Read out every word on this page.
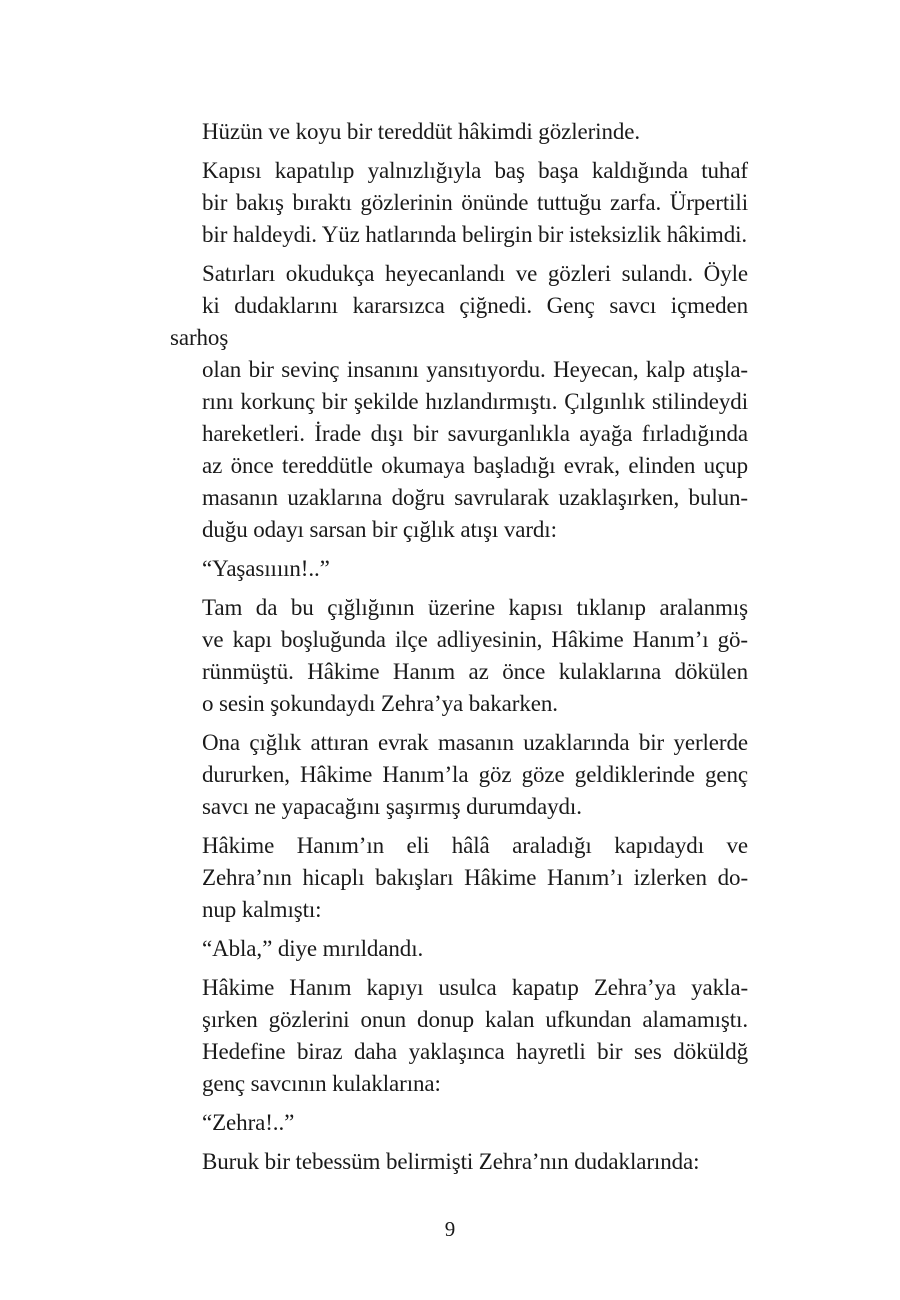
Hüzün ve koyu bir tereddüt hâkimdi gözlerinde.

Kapısı kapatılıp yalnızlığıyla baş başa kaldığında tuhaf
bir bakış bıraktı gözlerinin önünde tuttuğu zarfa. Ürpertili
bir haldeydi. Yüz hatlarında belirgin bir isteksizlik hâkimdi.

Satırları okudukça heyecanlandı ve gözleri sulandı. Öyle
ki dudaklarını kararsızca çiğnedi. Genç savcı içmeden sarhoş
olan bir sevinç insanını yansıtıyordu. Heyecan, kalp atışla-
rını korkunç bir şekilde hızlandırmıştı. Çılgınlık stilindeydi
hareketleri. İrade dışı bir savurganlıkla ayağa fırladığında
az önce tereddütle okumaya başladığı evrak, elinden uçup
masanın uzaklarına doğru savrularak uzaklaşırken, bulun-
duğu odayı sarsan bir çığlık atışı vardı:

“Yaşasıııın!..”

Tam da bu çığlığının üzerine kapısı tıklanıp aralanmış
ve kapı boşluğunda ilçe adliyesinin, Hâkime Hanım’ı gö-
rünmüştü. Hâkime Hanım az önce kulaklarına dökülen
o sesin şokundaydı Zehra’ya bakarken.

Ona çığlık attıran evrak masanın uzaklarında bir yerlerde
dururken, Hâkime Hanım’la göz göze geldiklerinde genç
savcı ne yapacağını şaşırmış durumdaydı.

Hâkime Hanım’ın eli hâlâ araladığı kapıdaydı ve
Zehra’nın hicaplı bakışları Hâkime Hanım’ı izlerken do-
nup kalmıştı:

“Abla,” diye mırıldandı.

Hâkime Hanım kapıyı usulca kapatıp Zehra’ya yakla-
şırken gözlerini onun donup kalan ufkundan alamamıştı.
Hedefine biraz daha yaklaşınca hayretli bir ses döküldğ
genç savcının kulaklarına:

“Zehra!..”

Buruk bir tebessüm belirmişti Zehra’nın dudaklarında:

9
